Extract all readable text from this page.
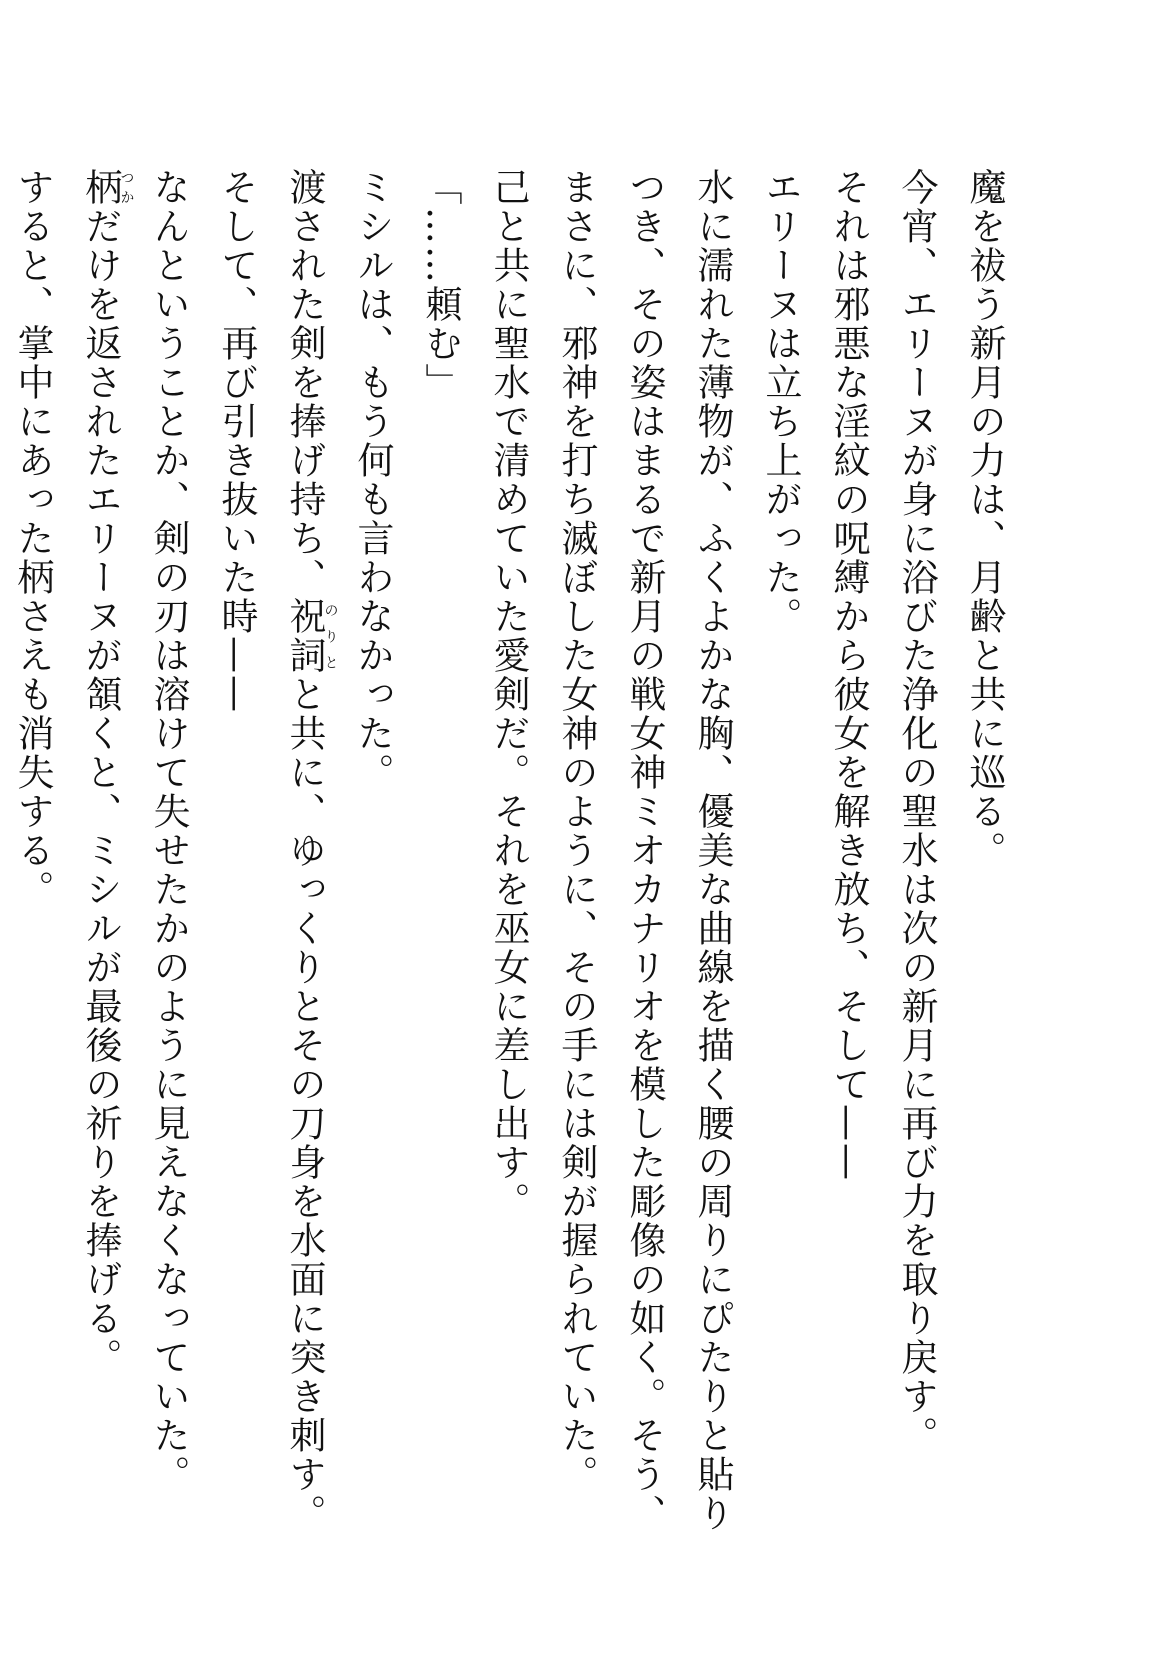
魔を祓う新月の力は、月齢と共に巡る。
今宵、エリーヌが身に浴びた浄化の聖水は次の新月に再び力を取り戻す。
それは邪悪な淫紋の呪縛から彼女を解き放ち、そして——
エリーヌは立ち上がった。
水に濡れた薄物が、ふくよかな胸、優美な曲線を描く腰の周りにぴたりと貼り
つき、その姿はまるで新月の戦女神ミオカナリオを模した彫像の如く。そう、
まさに、邪神を打ち滅ぼした女神のように、その手には剣が握られていた。
己と共に聖水で清めていた愛剣だ。それを巫女に差し出す。
「……頼む」
ミシルは、もう何も言わなかった。
渡された剣を捧げ持ち、祝詞のりとと共に、ゆっくりとその刀身を水面に突き刺す。
そして、再び引き抜いた時——
なんということか、剣の刃は溶けて失せたかのように見えなくなっていた。
柄つかだけを返されたエリーヌが頷くと、ミシルが最後の祈りを捧げる。
すると、掌中にあった柄さえも消失する。
